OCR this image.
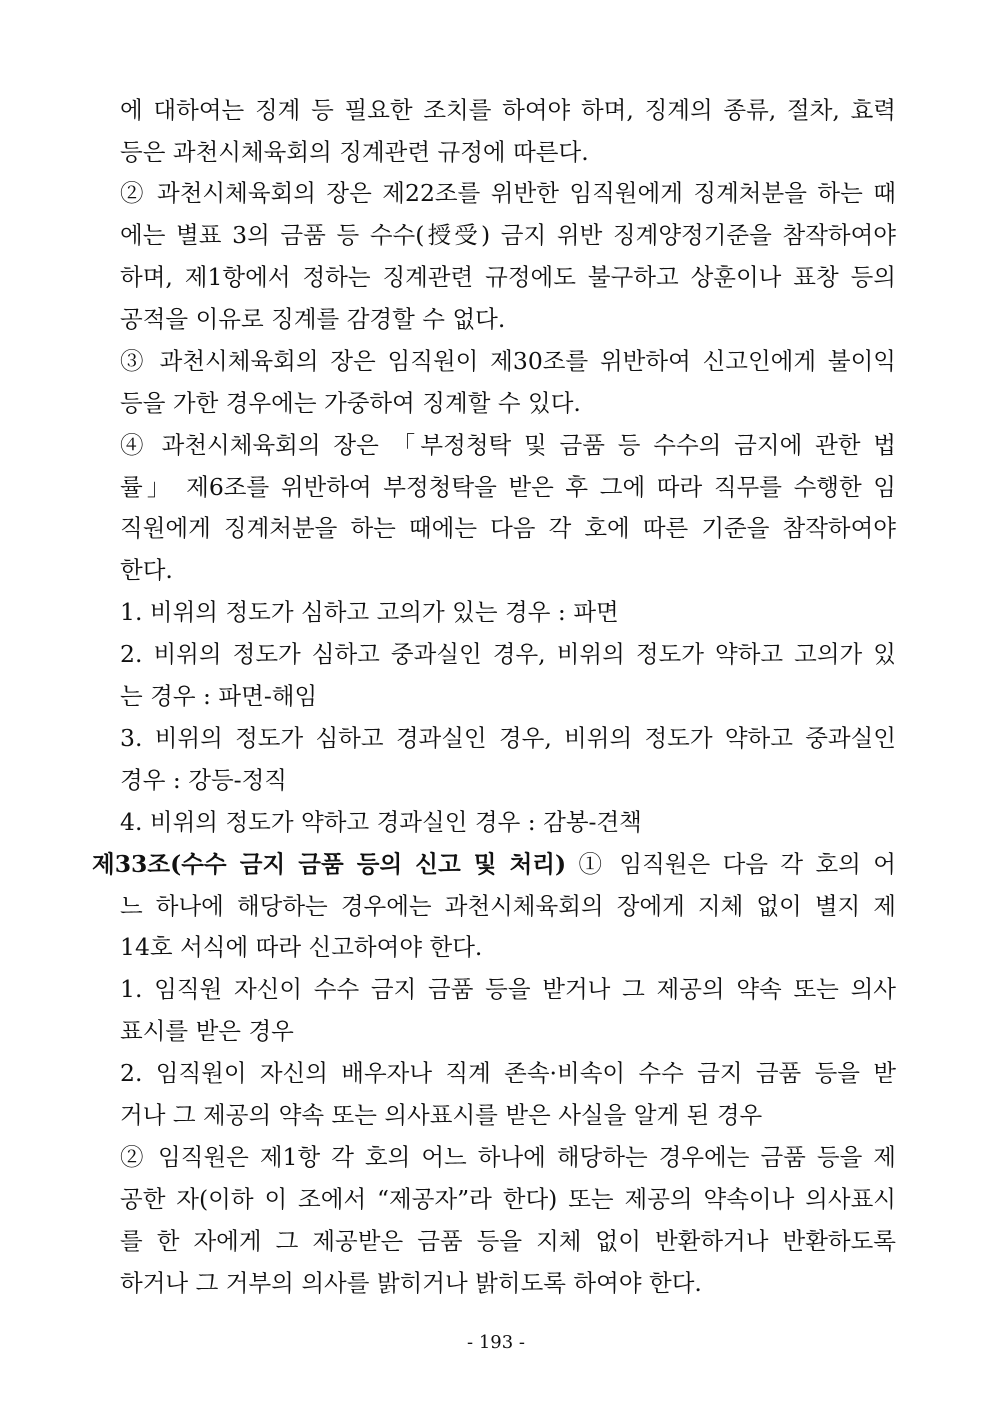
에 대하여는 징계 등 필요한 조치를 하여야 하며, 징계의 종류, 절차, 효력
등은 과천시체육회의 징계관련 규정에 따른다.
② 과천시체육회의 장은 제22조를 위반한 임직원에게 징계처분을 하는 때
에는 별표 3의 금품 등 수수(授受) 금지 위반 징계양정기준을 참작하여야
하며, 제1항에서 정하는 징계관련 규정에도 불구하고 상훈이나 표창 등의
공적을 이유로 징계를 감경할 수 없다.
③ 과천시체육회의 장은 임직원이 제30조를 위반하여 신고인에게 불이익
등을 가한 경우에는 가중하여 징계할 수 있다.
④ 과천시체육회의 장은 「부정청탁 및 금품 등 수수의 금지에 관한 법
률」 제6조를 위반하여 부정청탁을 받은 후 그에 따라 직무를 수행한 임
직원에게 징계처분을 하는 때에는 다음 각 호에 따른 기준을 참작하여야
한다.
1. 비위의 정도가 심하고 고의가 있는 경우 : 파면
2. 비위의 정도가 심하고 중과실인 경우, 비위의 정도가 약하고 고의가 있
는 경우 : 파면-해임
3. 비위의 정도가 심하고 경과실인 경우, 비위의 정도가 약하고 중과실인
경우 : 강등-정직
4. 비위의 정도가 약하고 경과실인 경우 : 감봉-견책
제33조(수수 금지 금품 등의 신고 및 처리) ① 임직원은 다음 각 호의 어
느 하나에 해당하는 경우에는 과천시체육회의 장에게 지체 없이 별지 제
14호 서식에 따라 신고하여야 한다.
1. 임직원 자신이 수수 금지 금품 등을 받거나 그 제공의 약속 또는 의사
표시를 받은 경우
2. 임직원이 자신의 배우자나 직계 존속·비속이 수수 금지 금품 등을 받
거나 그 제공의 약속 또는 의사표시를 받은 사실을 알게 된 경우
② 임직원은 제1항 각 호의 어느 하나에 해당하는 경우에는 금품 등을 제
공한 자(이하 이 조에서 “제공자”라 한다) 또는 제공의 약속이나 의사표시
를 한 자에게 그 제공받은 금품 등을 지체 없이 반환하거나 반환하도록
하거나 그 거부의 의사를 밝히거나 밝히도록 하여야 한다.
- 193 -
